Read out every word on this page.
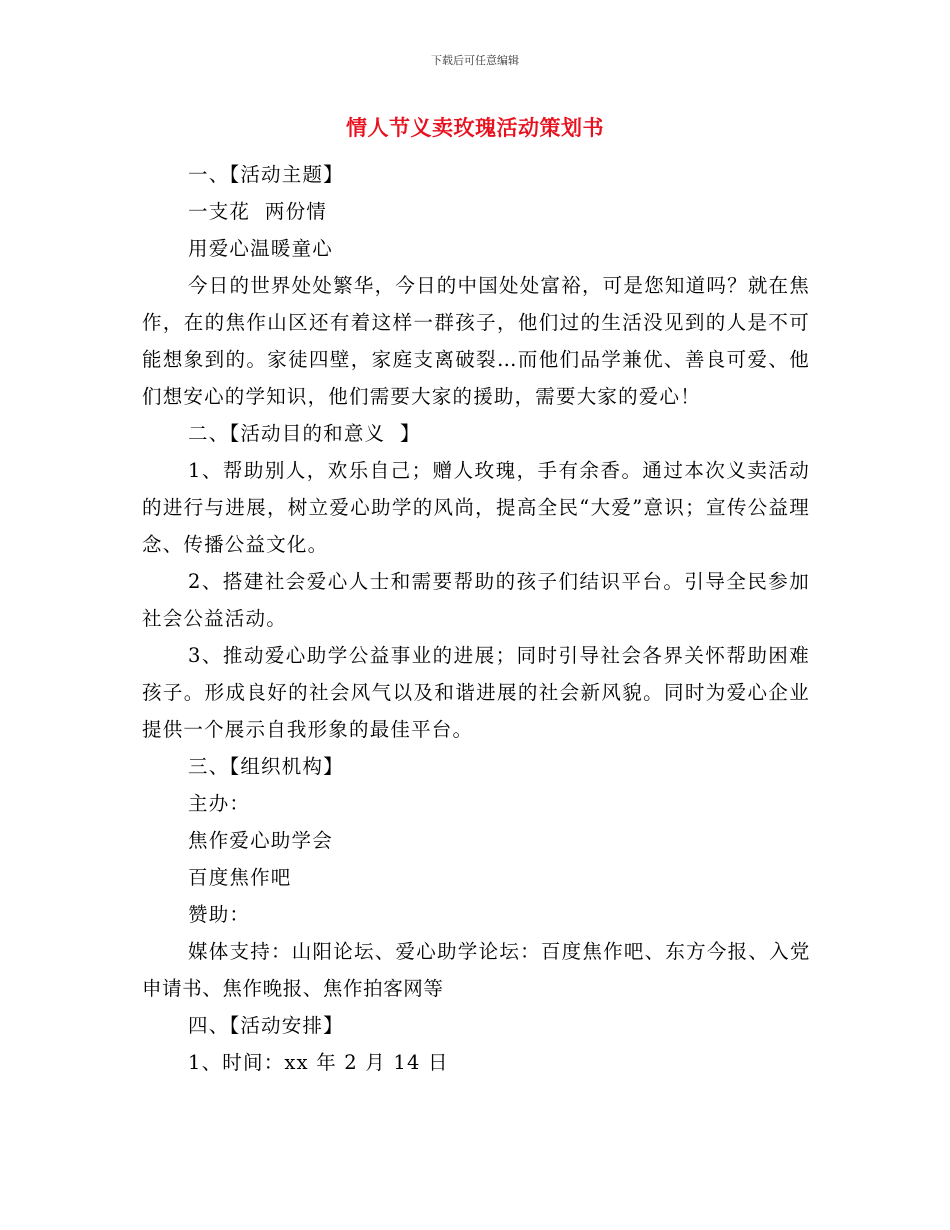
下载后可任意编辑
情人节义卖玫瑰活动策划书

一、【活动主题】

一支花  两份情

用爱心温暖童心

今日的世界处处繁华，今日的中国处处富裕，可是您知道吗？就在焦作，在的焦作山区还有着这样一群孩子，他们过的生活没见到的人是不可能想象到的。家徒四壁，家庭支离破裂…而他们品学兼优、善良可爱、他们想安心的学知识，他们需要大家的援助，需要大家的爱心！

二、【活动目的和意义  】

1、帮助别人，欢乐自己；赠人玫瑰，手有余香。通过本次义卖活动的进行与进展，树立爱心助学的风尚，提高全民“大爱”意识；宣传公益理念、传播公益文化。

2、搭建社会爱心人士和需要帮助的孩子们结识平台。引导全民参加社会公益活动。

3、推动爱心助学公益事业的进展；同时引导社会各界关怀帮助困难孩子。形成良好的社会风气以及和谐进展的社会新风貌。同时为爱心企业提供一个展示自我形象的最佳平台。

三、【组织机构】

主办：

焦作爱心助学会

百度焦作吧

赞助：

媒体支持：山阳论坛、爱心助学论坛：百度焦作吧、东方今报、入党申请书、焦作晚报、焦作拍客网等

四、【活动安排】

1、时间：xx 年 2 月 14 日
